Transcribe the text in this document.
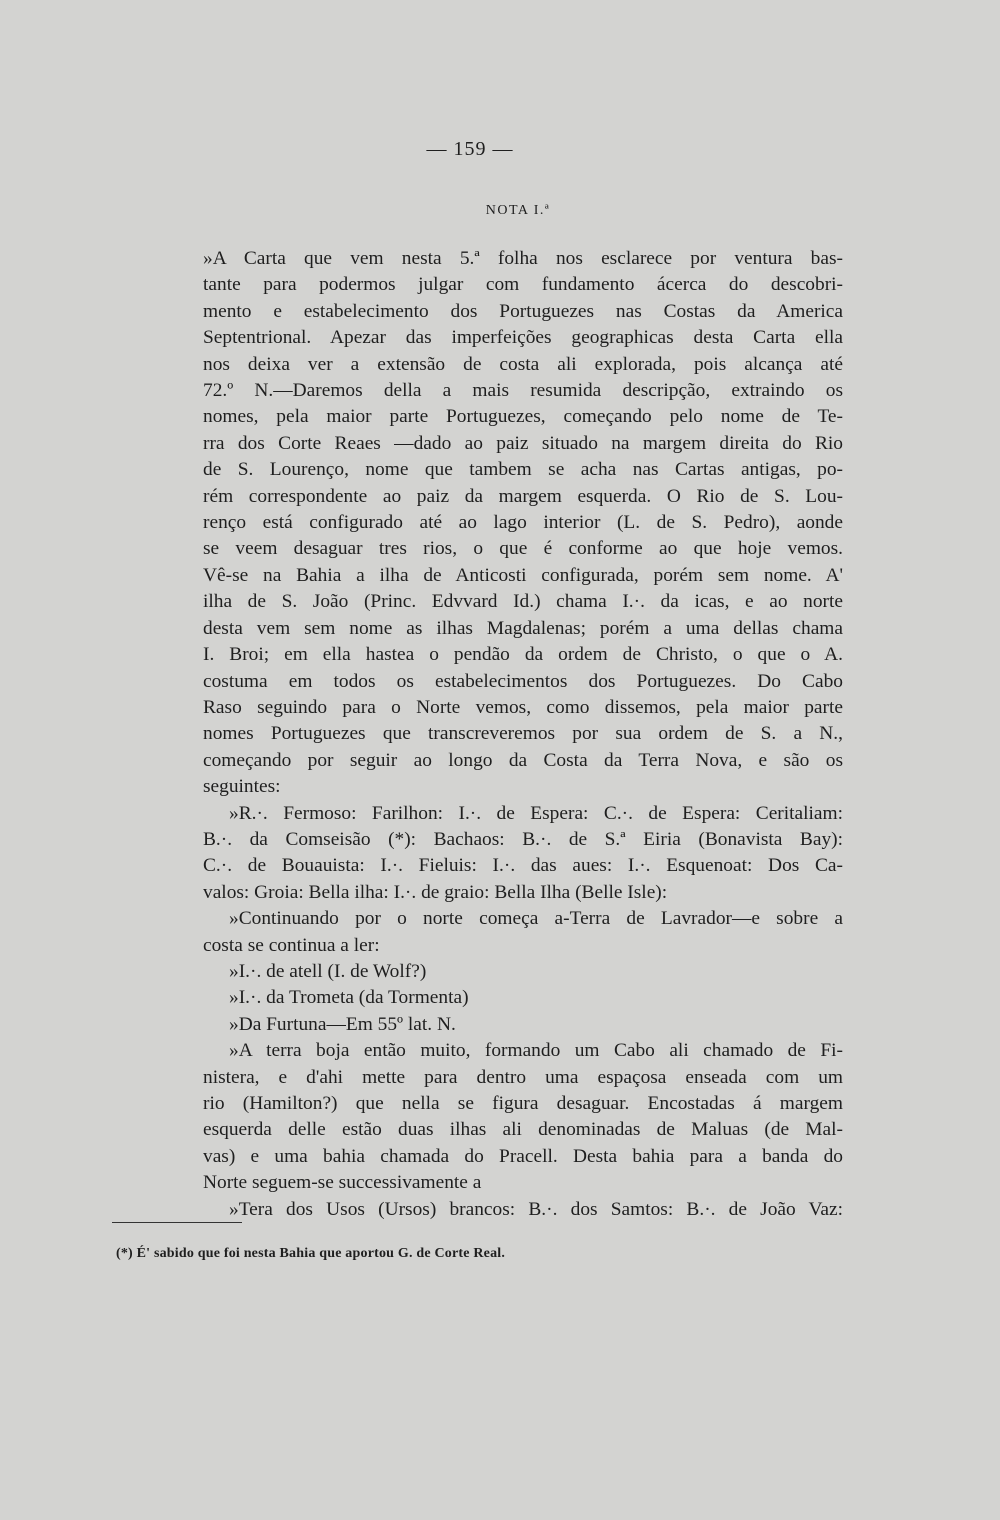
— 159 —
NOTA I.ª

»A Carta que vem nesta 5.ª folha nos esclarece por ventura bas-

tante para podermos julgar com fundamento ácerca do descobri-

mento e estabelecimento dos Portuguezes nas Costas da America

Septentrional. Apezar das imperfeições geographicas desta Carta ella

nos deixa ver a extensão de costa ali explorada, pois alcança até

72.º N.—Daremos della a mais resumida descripção, extraindo os

nomes, pela maior parte Portuguezes, começando pelo nome de Te-

rra dos Corte Reaes —dado ao paiz situado na margem direita do Rio

de S. Lourenço, nome que tambem se acha nas Cartas antigas, po-

rém correspondente ao paiz da margem esquerda. O Rio de S. Lou-

renço está configurado até ao lago interior (L. de S. Pedro), aonde

se veem desaguar tres rios, o que é conforme ao que hoje vemos.

Vê-se na Bahia a ilha de Anticosti configurada, porém sem nome. A'

ilha de S. João (Princ. Edvvard Id.) chama I.·. da icas, e ao norte

desta vem sem nome as ilhas Magdalenas; porém a uma dellas chama

I. Broi; em ella hastea o pendão da ordem de Christo, o que o A.

costuma em todos os estabelecimentos dos Portuguezes. Do Cabo

Raso seguindo para o Norte vemos, como dissemos, pela maior parte

nomes Portuguezes que transcreveremos por sua ordem de S. a N.,

começando por seguir ao longo da Costa da Terra Nova, e são os

seguintes:

»R.·. Fermoso: Farilhon: I.·. de Espera: C.·. de Espera: Ceritaliam:

B.·. da Comseisão (*): Bachaos: B.·. de S.ª Eiria (Bonavista Bay):

C.·. de Bouauista: I.·. Fieluis: I.·. das aues: I.·. Esquenoat: Dos Ca-

valos: Groia: Bella ilha: I.·. de graio: Bella Ilha (Belle Isle):

»Continuando por o norte começa a-Terra de Lavrador—e sobre a

costa se continua a ler:

»I.·. de atell (I. de Wolf?)

»I.·. da Trometa (da Tormenta)

»Da Furtuna—Em 55º lat. N.

»A terra boja então muito, formando um Cabo ali chamado de Fi-

nistera, e d'ahi mette para dentro uma espaçosa enseada com um

rio (Hamilton?) que nella se figura desaguar. Encostadas á margem

esquerda delle estão duas ilhas ali denominadas de Maluas (de Mal-

vas) e uma bahia chamada do Pracell. Desta bahia para a banda do

Norte seguem-se successivamente a

»Tera dos Usos (Ursos) brancos: B.·. dos Samtos: B.·. de João Vaz:

(*) É' sabido que foi nesta Bahia que aportou G. de Corte Real.
